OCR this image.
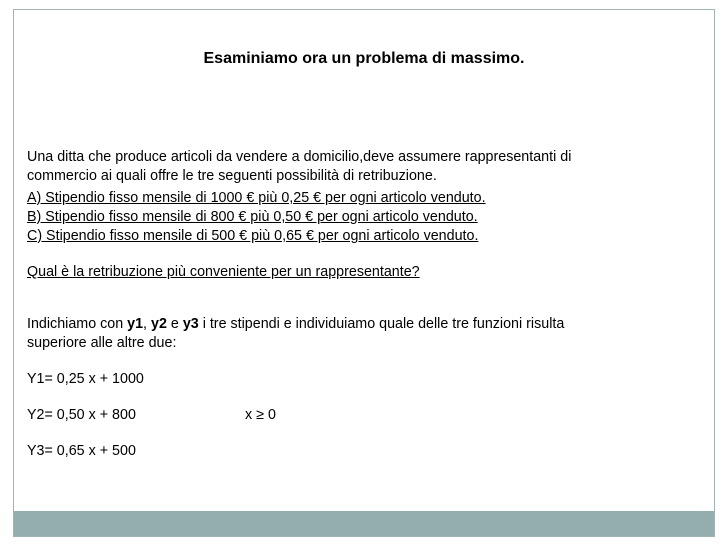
Esaminiamo ora un problema di massimo.

Una ditta che produce articoli da vendere a domicilio,deve assumere rappresentanti di

commercio ai quali offre le tre seguenti possibilità di retribuzione.

A) Stipendio fisso mensile di 1000 € più 0,25 € per ogni articolo venduto.

B) Stipendio fisso mensile di 800 € più 0,50 € per ogni articolo venduto.

C) Stipendio fisso mensile di 500 € più 0,65 € per ogni articolo venduto.

Qual è la retribuzione più conveniente per un rappresentante?

Indichiamo con y1, y2 e y3 i tre stipendi e individuiamo quale delle tre funzioni risulta

superiore alle altre due:

Y1= 0,25 x + 1000

Y2= 0,50 x + 800	x ≥ 0

Y3= 0,65 x + 500
